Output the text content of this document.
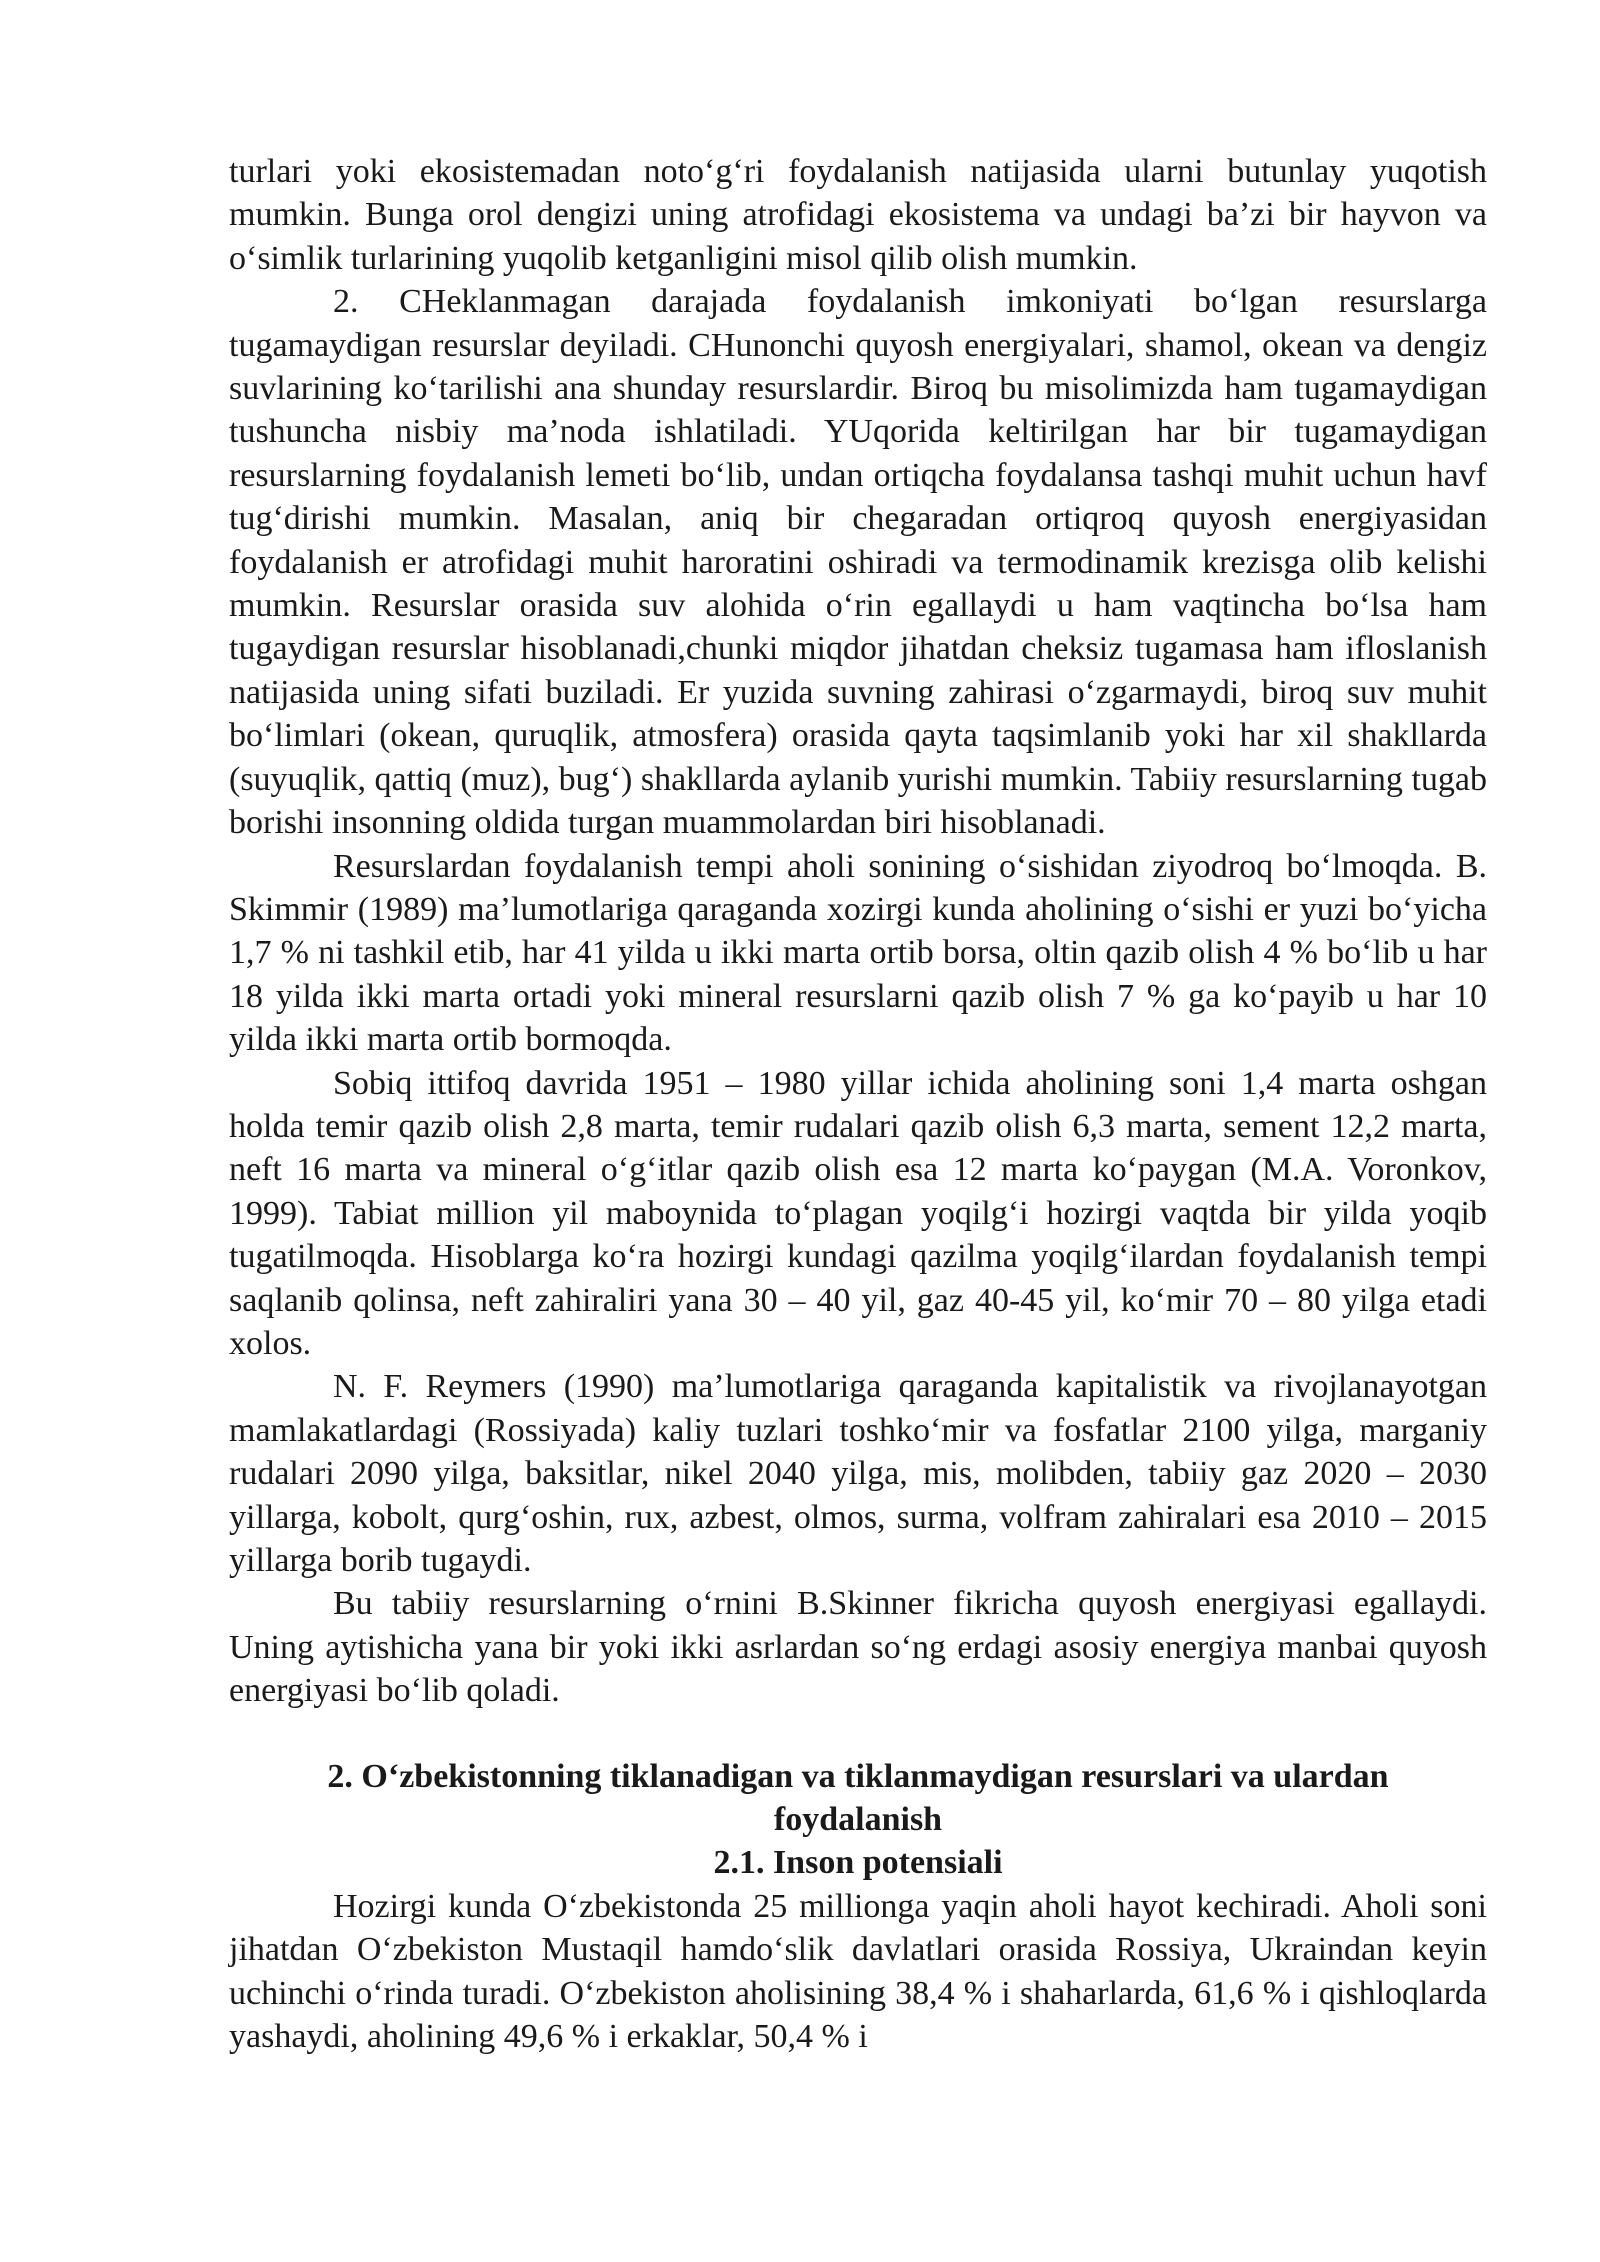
turlari yoki ekosistemadan noto‘g‘ri foydalanish natijasida ularni butunlay yuqotish mumkin. Bunga orol dengizi uning atrofidagi ekosistema va undagi ba’zi bir hayvon va o‘simlik turlarining yuqolib ketganligini misol qilib olish mumkin.

2. CHeklanmagan darajada foydalanish imkoniyati bo‘lgan resurslarga tugamaydigan resurslar deyiladi. CHunonchi quyosh energiyalari, shamol, okean va dengiz suvlarining ko‘tarilishi ana shunday resurslardir. Biroq bu misolimizda ham tugamaydigan tushuncha nisbiy ma’noda ishlatiladi. YUqorida keltirilgan har bir tugamaydigan resurslarning foydalanish lemeti bo‘lib, undan ortiqcha foydalansa tashqi muhit uchun havf tug‘dirishi mumkin. Masalan, aniq bir chegaradan ortiqroq quyosh energiyasidan foydalanish er atrofidagi muhit haroratini oshiradi va termodinamik krezisga olib kelishi mumkin. Resurslar orasida suv alohida o‘rin egallaydi u ham vaqtincha bo‘lsa ham tugaydigan resurslar hisoblanadi,chunki miqdor jihatdan cheksiz tugamasa ham ifloslanish natijasida uning sifati buziladi. Er yuzida suvning zahirasi o‘zgarmaydi, biroq suv muhit bo‘limlari (okean, quruqlik, atmosfera) orasida qayta taqsimlanib yoki har xil shakllarda (suyuqlik, qattiq (muz), bug‘) shakllarda aylanib yurishi mumkin. Tabiiy resurslarning tugab borishi insonning oldida turgan muammolardan biri hisoblanadi.

Resurslardan foydalanish tempi aholi sonining o‘sishidan ziyodroq bo‘lmoqda. B. Skimmir (1989) ma’lumotlariga qaraganda xozirgi kunda aholining o‘sishi er yuzi bo‘yicha 1,7 % ni tashkil etib, har 41 yilda u ikki marta ortib borsa, oltin qazib olish 4 % bo‘lib u har 18 yilda ikki marta ortadi yoki mineral resurslarni qazib olish 7 % ga ko‘payib u har 10 yilda ikki marta ortib bormoqda.

Sobiq ittifoq davrida 1951 – 1980 yillar ichida aholining soni 1,4 marta oshgan holda temir qazib olish 2,8 marta, temir rudalari qazib olish 6,3 marta, sement 12,2 marta, neft 16 marta va mineral o‘g‘itlar qazib olish esa 12 marta ko‘paygan (M.A. Voronkov, 1999). Tabiat million yil maboynida to‘plagan yoqilg‘i hozirgi vaqtda bir yilda yoqib tugatilmoqda. Hisoblarga ko‘ra hozirgi kundagi qazilma yoqilg‘ilardan foydalanish tempi saqlanib qolinsa, neft zahiraliri yana 30 – 40 yil, gaz 40-45 yil, ko‘mir 70 – 80 yilga etadi xolos.

N. F. Reymers (1990) ma’lumotlariga qaraganda kapitalistik va rivojlanayotgan mamlakatlardagi (Rossiyada) kaliy tuzlari toshko‘mir va fosfatlar 2100 yilga, marganiy rudalari 2090 yilga, baksitlar, nikel 2040 yilga, mis, molibden, tabiiy gaz 2020 – 2030 yillarga, kobolt, qurg‘oshin, rux, azbest, olmos, surma, volfram zahiralari esa 2010 – 2015 yillarga borib tugaydi.

Bu tabiiy resurslarning o‘rnini B.Skinner fikricha quyosh energiyasi egallaydi. Uning aytishicha yana bir yoki ikki asrlardan so‘ng erdagi asosiy energiya manbai quyosh energiyasi bo‘lib qoladi.

2. O‘zbekistonning tiklanadigan va tiklanmaydigan resurslari va ulardan foydalanish
2.1. Inson potensiali

Hozirgi kunda O‘zbekistonda 25 millionga yaqin aholi hayot kechiradi. Aholi soni jihatdan O‘zbekiston Mustaqil hamdo‘slik davlatlari orasida Rossiya, Ukraindan keyin uchinchi o‘rinda turadi. O‘zbekiston aholisining 38,4 % i shaharlarda, 61,6 % i qishloqlarda yashaydi, aholining 49,6 % i erkaklar, 50,4 % i
